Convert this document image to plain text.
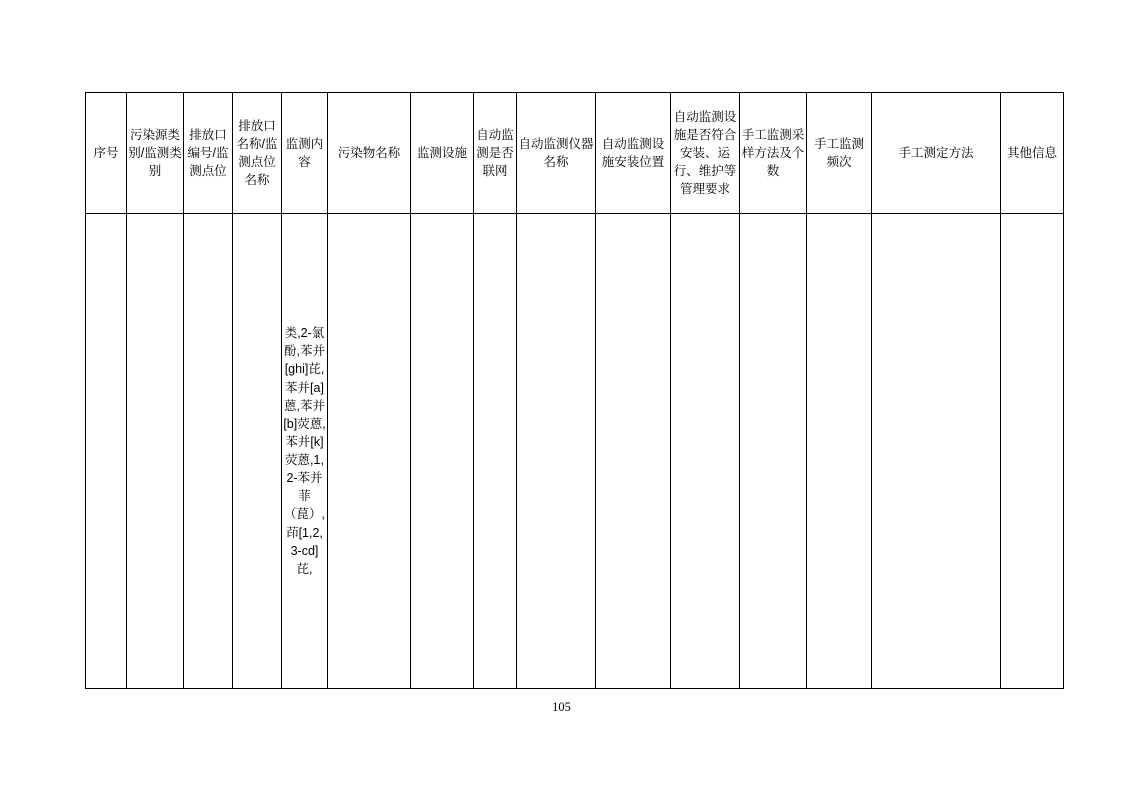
序号	污染源类别/监测类别	排放口编号/监测点位	排放口名称/监测点位名称	监测内容	污染物名称	监测设施	自动监测是否联网	自动监测仪器名称	自动监测设施安装位置	自动监测设施是否符合安装、运行、维护等管理要求	手工监测采样方法及个数	手工监测频次	手工测定方法	其他信息
				类,2-氯酚,苯并[ghi]芘,苯并[a]蒽,苯并[b]荧蒽,苯并[k]荧蒽,1,2-苯并菲（菎）,茚[1,2,3-cd]芘,										
105
